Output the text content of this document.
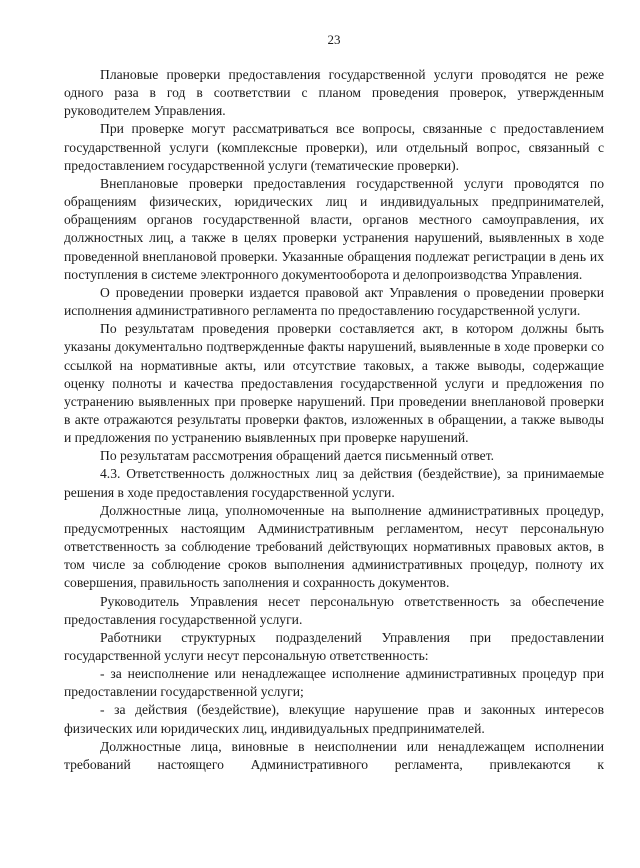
23

Плановые проверки предоставления государственной услуги проводятся не реже одного раза в год в соответствии с планом проведения проверок, утвержденным руководителем Управления.

При проверке могут рассматриваться все вопросы, связанные с предоставлением государственной услуги (комплексные проверки), или отдельный вопрос, связанный с предоставлением государственной услуги (тематические проверки).

Внеплановые проверки предоставления государственной услуги проводятся по обращениям физических, юридических лиц и индивидуальных предпринимателей, обращениям органов государственной власти, органов местного самоуправления, их должностных лиц, а также в целях проверки устранения нарушений, выявленных в ходе проведенной внеплановой проверки. Указанные обращения подлежат регистрации в день их поступления в системе электронного документооборота и делопроизводства Управления.

О проведении проверки издается правовой акт Управления о проведении проверки исполнения административного регламента по предоставлению государственной услуги.

По результатам проведения проверки составляется акт, в котором должны быть указаны документально подтвержденные факты нарушений, выявленные в ходе проверки со ссылкой на нормативные акты, или отсутствие таковых, а также выводы, содержащие оценку полноты и качества предоставления государственной услуги и предложения по устранению выявленных при проверке нарушений. При проведении внеплановой проверки в акте отражаются результаты проверки фактов, изложенных в обращении, а также выводы и предложения по устранению выявленных при проверке нарушений.

По результатам рассмотрения обращений дается письменный ответ.

4.3. Ответственность должностных лиц за действия (бездействие), за принимаемые решения в ходе предоставления государственной услуги.

Должностные лица, уполномоченные на выполнение административных процедур, предусмотренных настоящим Административным регламентом, несут персональную ответственность за соблюдение требований действующих нормативных правовых актов, в том числе за соблюдение сроков выполнения административных процедур, полноту их совершения, правильность заполнения и сохранность документов.

Руководитель Управления несет персональную ответственность за обеспечение предоставления государственной услуги.

Работники структурных подразделений Управления при предоставлении государственной услуги несут персональную ответственность:

- за неисполнение или ненадлежащее исполнение административных процедур при предоставлении государственной услуги;

- за действия (бездействие), влекущие нарушение прав и законных интересов физических или юридических лиц, индивидуальных предпринимателей.

Должностные лица, виновные в неисполнении или ненадлежащем исполнении требований настоящего Административного регламента, привлекаются к
